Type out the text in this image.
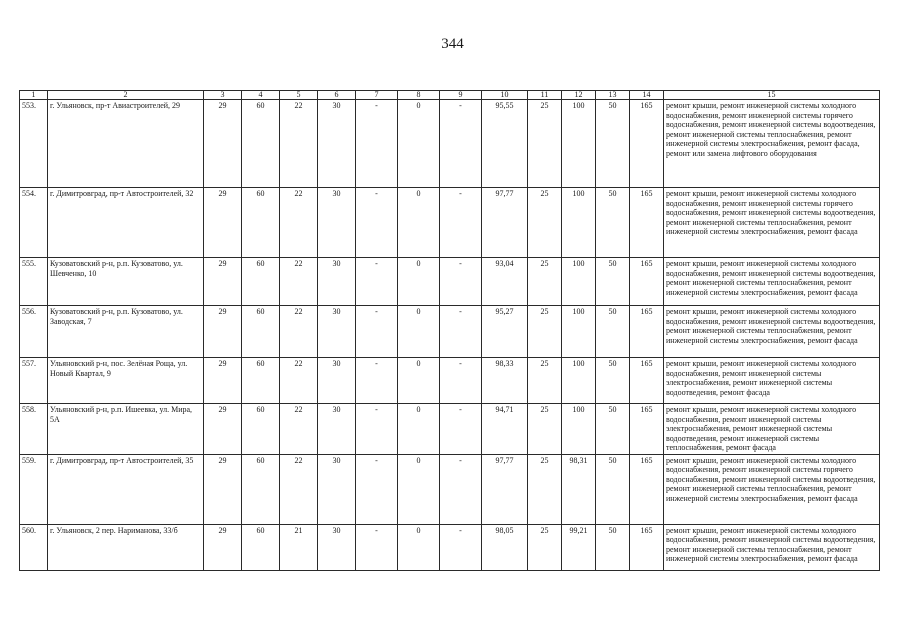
344
1	2	3	4	5	6	7	8	9	10	11	12	13	14	15
553.	г. Ульяновск, пр-т Авиастроителей, 29	29	60	22	30	-	0	-	95,55	25	100	50	165	ремонт крыши, ремонт инженерной системы холодного водоснабжения, ремонт инженерной системы горячего водоснабжения, ремонт инженерной системы водоотведения, ремонт инженерной системы теплоснабжения, ремонт инженерной системы электроснабжения, ремонт фасада, ремонт или замена лифтового оборудования
554.	г. Димитровград, пр-т Автостроителей, 32	29	60	22	30	-	0	-	97,77	25	100	50	165	ремонт крыши, ремонт инженерной системы холодного водоснабжения, ремонт инженерной системы горячего водоснабжения, ремонт инженерной системы водоотведения, ремонт инженерной системы теплоснабжения, ремонт инженерной системы электроснабжения, ремонт фасада
555.	Кузоватовский р-н, р.п. Кузоватово, ул. Шевченко, 10	29	60	22	30	-	0	-	93,04	25	100	50	165	ремонт крыши, ремонт инженерной системы холодного водоснабжения, ремонт инженерной системы водоотведения, ремонт инженерной системы теплоснабжения, ремонт инженерной системы электроснабжения, ремонт фасада
556.	Кузоватовский р-н, р.п. Кузоватово, ул. Заводская, 7	29	60	22	30	-	0	-	95,27	25	100	50	165	ремонт крыши, ремонт инженерной системы холодного водоснабжения, ремонт инженерной системы водоотведения, ремонт инженерной системы теплоснабжения, ремонт инженерной системы электроснабжения, ремонт фасада
557.	Ульяновский р-н, пос. Зелёная Роща, ул. Новый Квартал, 9	29	60	22	30	-	0	-	98,33	25	100	50	165	ремонт крыши, ремонт инженерной системы холодного водоснабжения, ремонт инженерной системы электроснабжения, ремонт инженерной системы водоотведения, ремонт фасада
558.	Ульяновский р-н, р.п. Ишеевка, ул. Мира, 5А	29	60	22	30	-	0	-	94,71	25	100	50	165	ремонт крыши, ремонт инженерной системы холодного водоснабжения, ремонт инженерной системы электроснабжения, ремонт инженерной системы водоотведения, ремонт инженерной системы теплоснабжения, ремонт фасада
559.	г. Димитровград, пр-т Автостроителей, 35	29	60	22	30	-	0	-	97,77	25	98,31	50	165	ремонт крыши, ремонт инженерной системы холодного водоснабжения, ремонт инженерной системы горячего водоснабжения, ремонт инженерной системы водоотведения, ремонт инженерной системы теплоснабжения, ремонт инженерной системы электроснабжения, ремонт фасада
560.	г. Ульяновск, 2 пер. Нариманова, 33/б	29	60	21	30	-	0	-	98,05	25	99,21	50	165	ремонт крыши, ремонт инженерной системы холодного водоснабжения, ремонт инженерной системы водоотведения, ремонт инженерной системы теплоснабжения, ремонт инженерной системы электроснабжения, ремонт фасада
